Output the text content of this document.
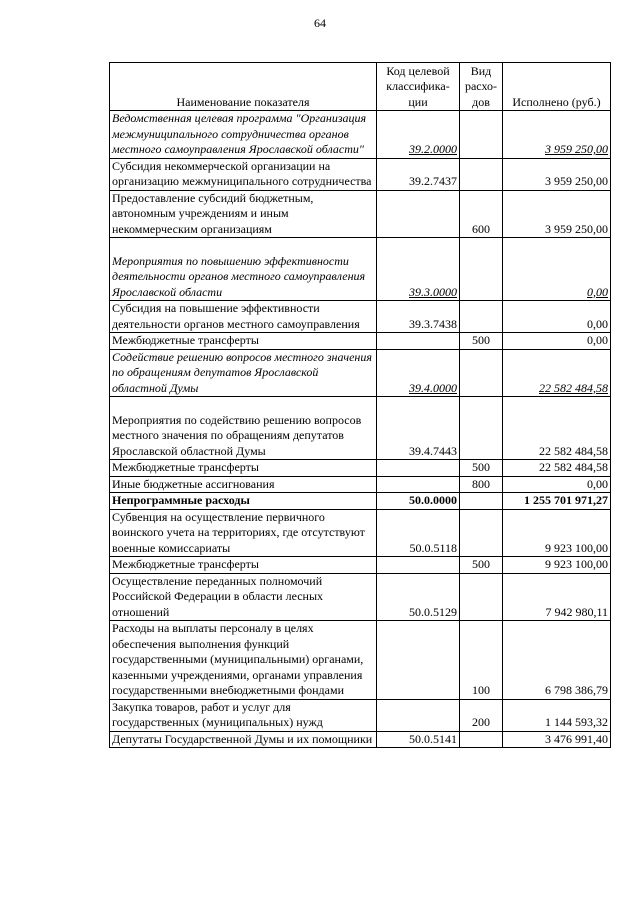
64
Наименование показателя	Код целевой классифика-ции	Вид расхо-дов	Исполнено (руб.)
Ведомственная целевая программа "Организация межмуниципального сотрудничества органов местного самоуправления Ярославской области"	39.2.0000		3 959 250,00
Субсидия некоммерческой организации на организацию межмуниципального сотрудничества	39.2.7437		3 959 250,00
Предоставление субсидий бюджетным, автономным учреждениям и иным некоммерческим организациям		600	3 959 250,00

Мероприятия по повышению эффективности деятельности органов местного самоуправления Ярославской области	39.3.0000		0,00
Субсидия на повышение эффективности деятельности органов местного самоуправления	39.3.7438		0,00
Межбюджетные трансферты		500	0,00
Содействие решению вопросов местного значения по обращениям депутатов Ярославской областной Думы	39.4.0000		22 582 484,58

Мероприятия по содействию решению вопросов местного значения по обращениям депутатов Ярославской областной Думы	39.4.7443		22 582 484,58
Межбюджетные трансферты		500	22 582 484,58
Иные бюджетные ассигнования		800	0,00
Непрограммные расходы	50.0.0000		1 255 701 971,27
Субвенция на осуществление первичного воинского учета на территориях, где отсутствуют военные комиссариаты	50.0.5118		9 923 100,00
Межбюджетные трансферты		500	9 923 100,00
Осуществление переданных полномочий Российской Федерации в области лесных отношений	50.0.5129		7 942 980,11
Расходы на выплаты персоналу в целях обеспечения выполнения функций государственными (муниципальными) органами, казенными учреждениями, органами управления государственными внебюджетными фондами		100	6 798 386,79
Закупка товаров, работ и услуг для государственных (муниципальных) нужд		200	1 144 593,32
Депутаты Государственной Думы и их помощники	50.0.5141		3 476 991,40
